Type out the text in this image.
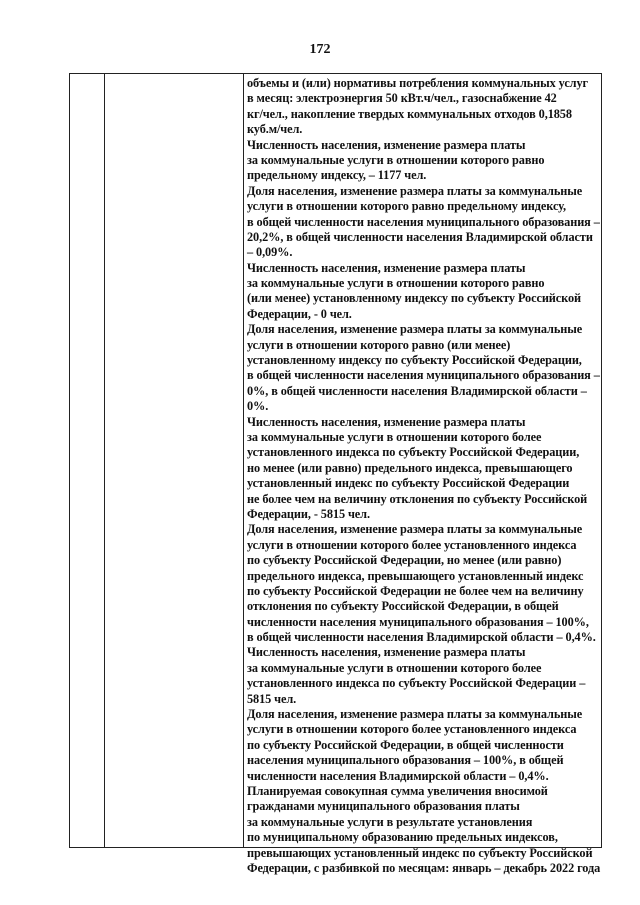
172
объемы и (или) нормативы потребления коммунальных услуг
в месяц: электроэнергия 50 кВт.ч/чел., газоснабжение 42
кг/чел., накопление твердых коммунальных отходов 0,1858
куб.м/чел.
Численность населения, изменение размера платы
за коммунальные услуги в отношении которого равно
предельному индексу, – 1177 чел.
Доля населения, изменение размера платы за коммунальные
услуги в отношении которого равно предельному индексу,
в общей численности населения муниципального образования –
20,2%, в общей численности населения Владимирской области
– 0,09%.
Численность населения, изменение размера платы
за коммунальные услуги в отношении которого равно
(или менее) установленному индексу по субъекту Российской
Федерации, - 0 чел.
Доля населения, изменение размера платы за коммунальные
услуги в отношении которого равно (или менее)
установленному индексу по субъекту Российской Федерации,
в общей численности населения муниципального образования –
0%, в общей численности населения Владимирской области –
0%.
Численность населения, изменение размера платы
за коммунальные услуги в отношении которого более
установленного индекса по субъекту Российской Федерации,
но менее (или равно) предельного индекса, превышающего
установленный индекс по субъекту Российской Федерации
не более чем на величину отклонения по субъекту Российской
Федерации, - 5815 чел.
Доля населения, изменение размера платы за коммунальные
услуги в отношении которого более установленного индекса
по субъекту Российской Федерации, но менее (или равно)
предельного индекса, превышающего установленный индекс
по субъекту Российской Федерации не более чем на величину
отклонения по субъекту Российской Федерации, в общей
численности населения муниципального образования – 100%,
в общей численности населения Владимирской области – 0,4%.
Численность населения, изменение размера платы
за коммунальные услуги в отношении которого более
установленного индекса по субъекту Российской Федерации –
5815 чел.
Доля населения, изменение размера платы за коммунальные
услуги в отношении которого более установленного индекса
по субъекту Российской Федерации, в общей численности
населения муниципального образования – 100%, в общей
численности населения Владимирской области – 0,4%.
Планируемая совокупная сумма увеличения вносимой
гражданами муниципального образования платы
за коммунальные услуги в результате установления
по муниципальному образованию предельных индексов,
превышающих установленный индекс по субъекту Российской
Федерации, с разбивкой по месяцам: январь – декабрь 2022 года
